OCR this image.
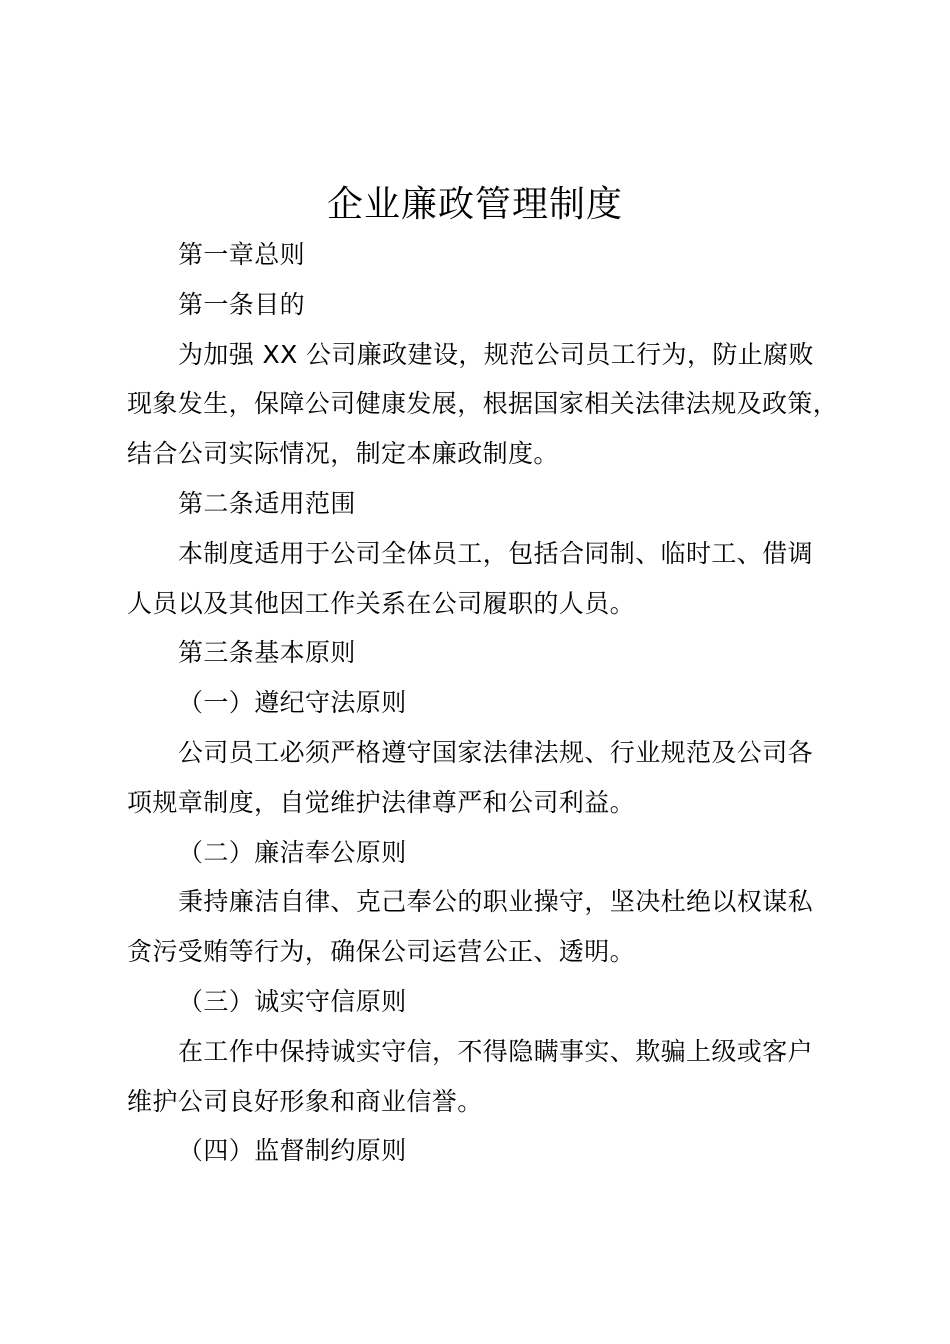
企业廉政管理制度
第一章总则
第一条目的
为加强 XX 公司廉政建设，规范公司员工行为，防止腐败
现象发生，保障公司健康发展，根据国家相关法律法规及政策，
结合公司实际情况，制定本廉政制度。
第二条适用范围
本制度适用于公司全体员工，包括合同制、临时工、借调
人员以及其他因工作关系在公司履职的人员。
第三条基本原则
（一）遵纪守法原则
公司员工必须严格遵守国家法律法规、行业规范及公司各
项规章制度，自觉维护法律尊严和公司利益。
（二）廉洁奉公原则
秉持廉洁自律、克己奉公的职业操守，坚决杜绝以权谋私
贪污受贿等行为，确保公司运营公正、透明。
（三）诚实守信原则
在工作中保持诚实守信，不得隐瞒事实、欺骗上级或客户
维护公司良好形象和商业信誉。
（四）监督制约原则
